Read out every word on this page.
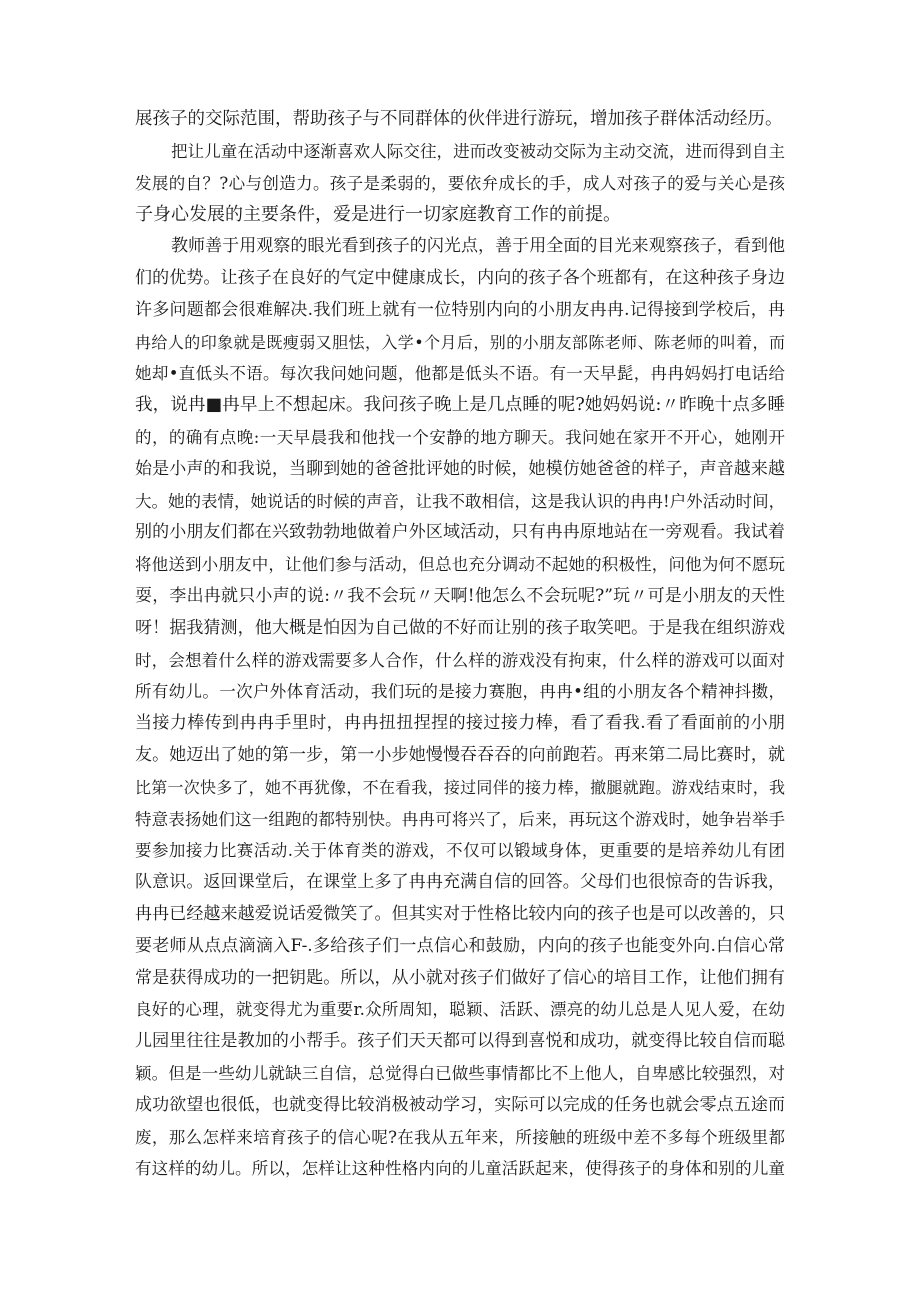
展孩子的交际范围，帮助孩子与不同群体的伙伴进行游玩，增加孩子群体活动经历。
把让儿童在活动中逐渐喜欢人际交往，进而改变被动交际为主动交流，进而得到自主
发展的自？?心与创造力。孩子是柔弱的，要依弁成长的手，成人对孩子的爱与关心是孩
子身心发展的主要条件，爱是进行一切家庭教育工作的前提。
教师善于用观察的眼光看到孩子的闪光点，善于用全面的目光来观察孩子，看到他
们的优势。让孩子在良好的气定中健康成长，内向的孩子各个班都有，在这种孩子身边
许多问题都会很难解决.我们班上就有一位特别内向的小朋友冉冉.记得接到学校后，冉
冉给人的印象就是既瘦弱又胆怯，入学•个月后，别的小朋友部陈老师、陈老师的叫着，而
她却•直低头不语。每次我问她问题，他都是低头不语。有一天早髭，冉冉妈妈打电话给
我，说冉■冉早上不想起床。我问孩子晚上是几点睡的呢?她妈妈说:〃昨晚十点多睡
的，的确有点晚:一天早晨我和他找一个安静的地方聊天。我问她在家开不开心，她刚开
始是小声的和我说，当聊到她的爸爸批评她的时候，她模仿她爸爸的样子，声音越来越
大。她的表情，她说话的时候的声音，让我不敢相信，这是我认识的冉冉!户外活动时间，
别的小朋友们都在兴致勃勃地做着户外区域活动，只有冉冉原地站在一旁观看。我试着
将他送到小朋友中，让他们参与活动，但总也充分调动不起她的积极性，问他为何不愿玩
耍，李出冉就只小声的说:〃我不会玩〃天啊!他怎么不会玩呢?”玩〃可是小朋友的天性
呀！据我猜测，他大概是怕因为自己做的不好而让别的孩子取笑吧。于是我在组织游戏
时，会想着什么样的游戏需要多人合作，什么样的游戏没有拘束，什么样的游戏可以面对
所有幼儿。一次户外体育活动，我们玩的是接力赛胞，冉冉•组的小朋友各个精神抖擞，
当接力棒传到冉冉手里时，冉冉扭扭捏捏的接过接力棒，看了看我.看了看面前的小朋
友。她迈出了她的第一步，第一小步她慢慢吞吞吞的向前跑若。再来第二局比赛时，就
比第一次快多了，她不再犹像，不在看我，接过同伴的接力棒，撤腿就跑。游戏结束时，我
特意表扬她们这一组跑的都特别快。冉冉可将兴了，后来，再玩这个游戏时，她争岩举手
要参加接力比赛活动.关于体育类的游戏，不仅可以锻域身体，更重要的是培养幼儿有团
队意识。返回课堂后，在课堂上多了冉冉充满自信的回答。父母们也很惊奇的告诉我，
冉冉已经越来越爱说话爱微笑了。但其实对于性格比较内向的孩子也是可以改善的，只
要老师从点点滴滴入F-.多给孩子们一点信心和鼓励，内向的孩子也能变外向.白信心常
常是获得成功的一把钥匙。所以，从小就对孩子们做好了信心的培目工作，让他们拥有
良好的心理，就变得尤为重要r.众所周知，聪颖、活跃、漂亮的幼儿总是人见人爱，在幼
儿园里往往是教加的小帮手。孩子们天天都可以得到喜悦和成功，就变得比较自信而聪
颖。但是一些幼儿就缺三自信，总觉得白已做些事情都比不上他人，自卑感比较强烈，对
成功欲望也很低，也就变得比较消极被动学习，实际可以完成的任务也就会零点五途而
废，那么怎样来培育孩子的信心呢?在我从五年来，所接触的班级中差不多每个班级里都
有这样的幼儿。所以，怎样让这种性格内向的儿童活跃起来，使得孩子的身体和别的儿童
